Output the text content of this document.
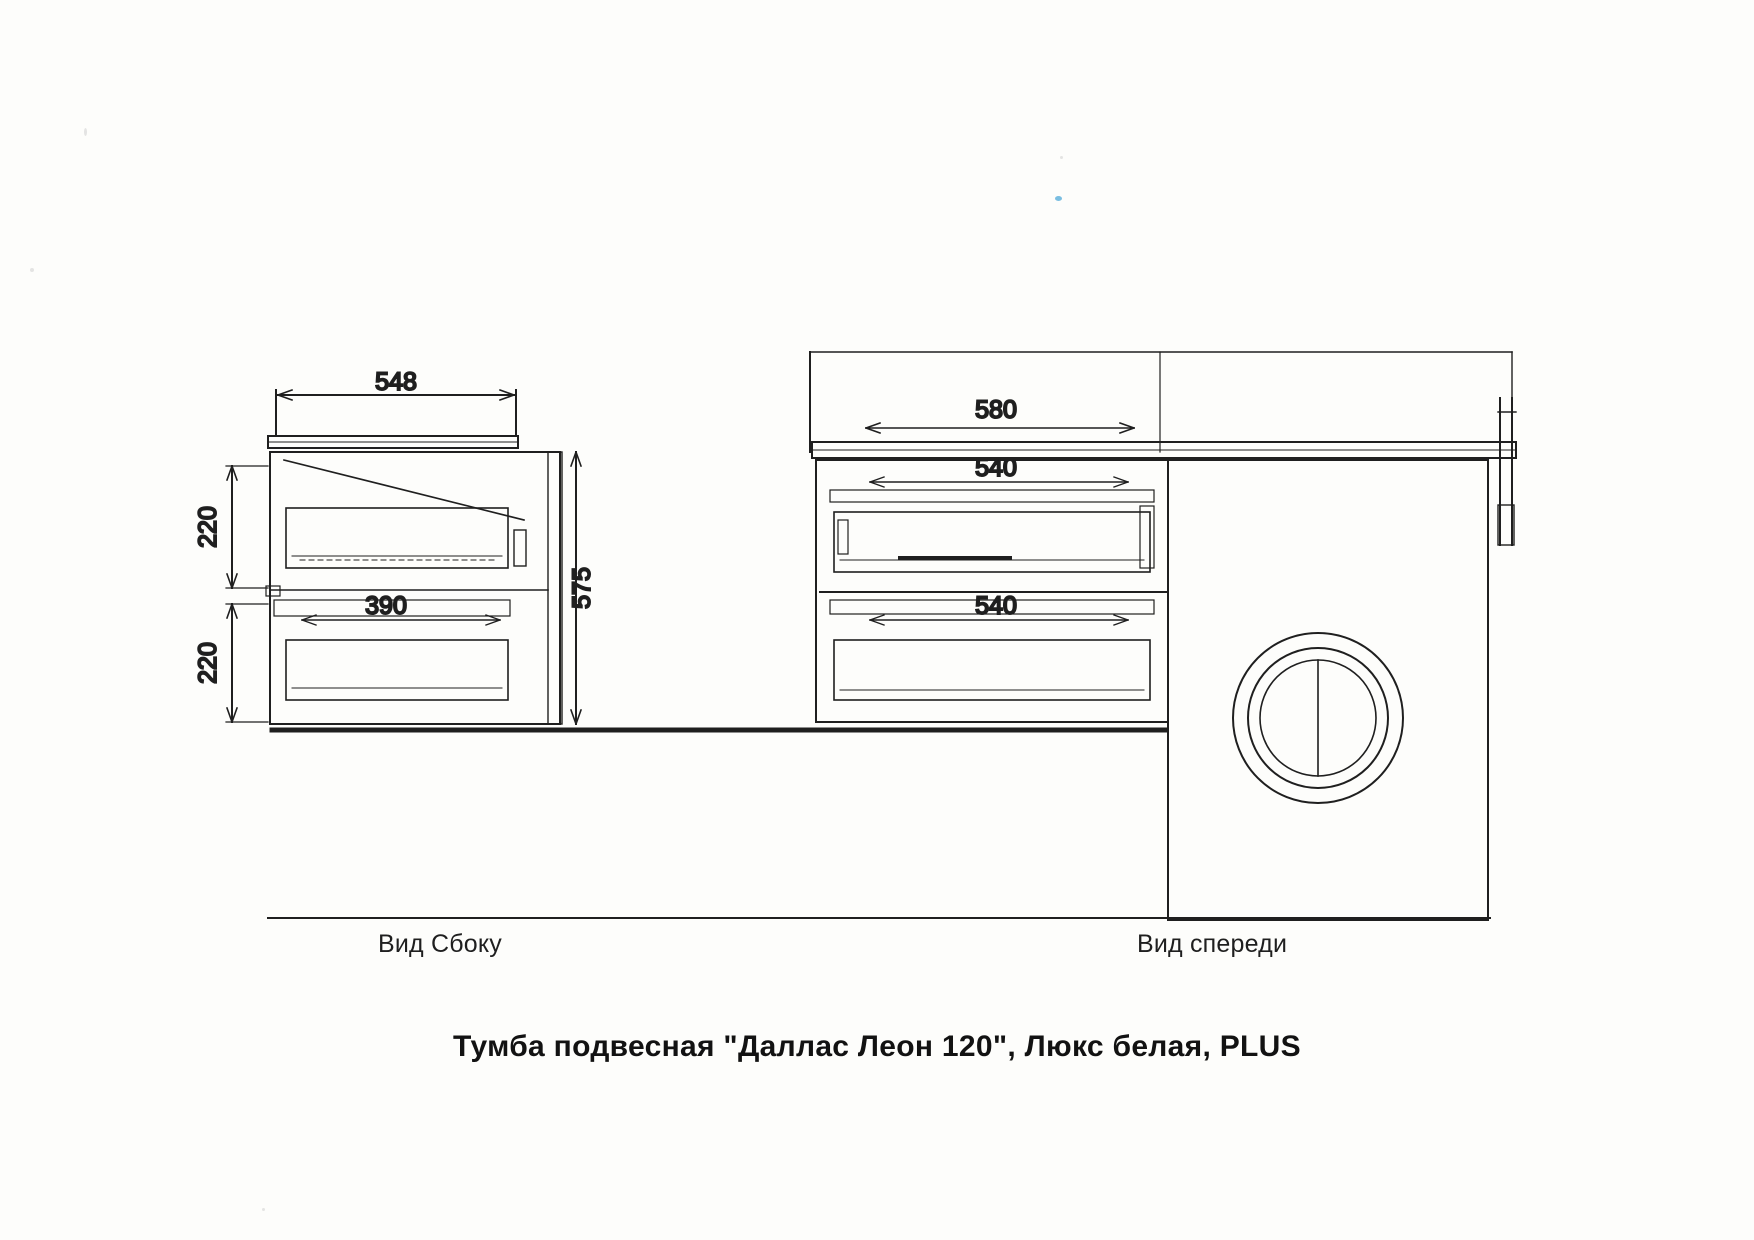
548
220
220
575
390
580
540
540
Вид Сбоку	Вид спереди
Тумба подвесная "Даллас Леон 120", Люкс белая, PLUS
